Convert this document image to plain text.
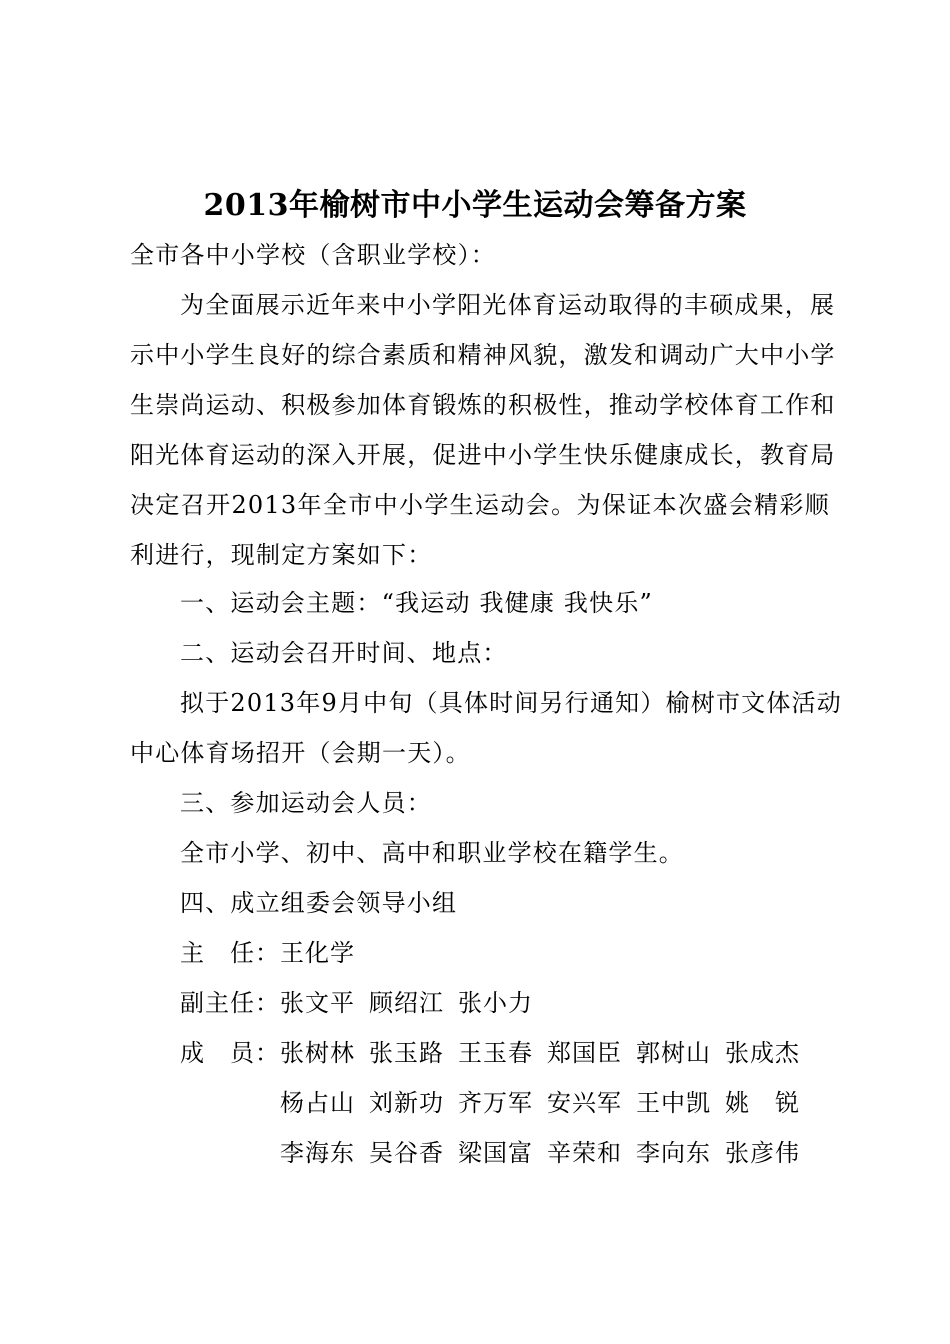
2013年榆树市中小学生运动会筹备方案
全市各中小学校（含职业学校）：
为全面展示近年来中小学阳光体育运动取得的丰硕成果，展
示中小学生良好的综合素质和精神风貌，激发和调动广大中小学
生崇尚运动、积极参加体育锻炼的积极性，推动学校体育工作和
阳光体育运动的深入开展，促进中小学生快乐健康成长，教育局
决定召开2013年全市中小学生运动会。为保证本次盛会精彩顺
利进行，现制定方案如下：
一、运动会主题：“我运动 我健康 我快乐”
二、运动会召开时间、地点：
拟于2013年9月中旬（具体时间另行通知）榆树市文体活动
中心体育场招开（会期一天）。
三、参加运动会人员：
全市小学、初中、高中和职业学校在籍学生。
四、成立组委会领导小组
主　任：王化学
副主任：张文平 顾绍江 张小力
成　员： 张树林 张玉路 王玉春 郑国臣 郭树山 张成杰
杨占山 刘新功 齐万军 安兴军 王中凯 姚　锐
李海东 吴谷香 梁国富 辛荣和 李向东 张彦伟
